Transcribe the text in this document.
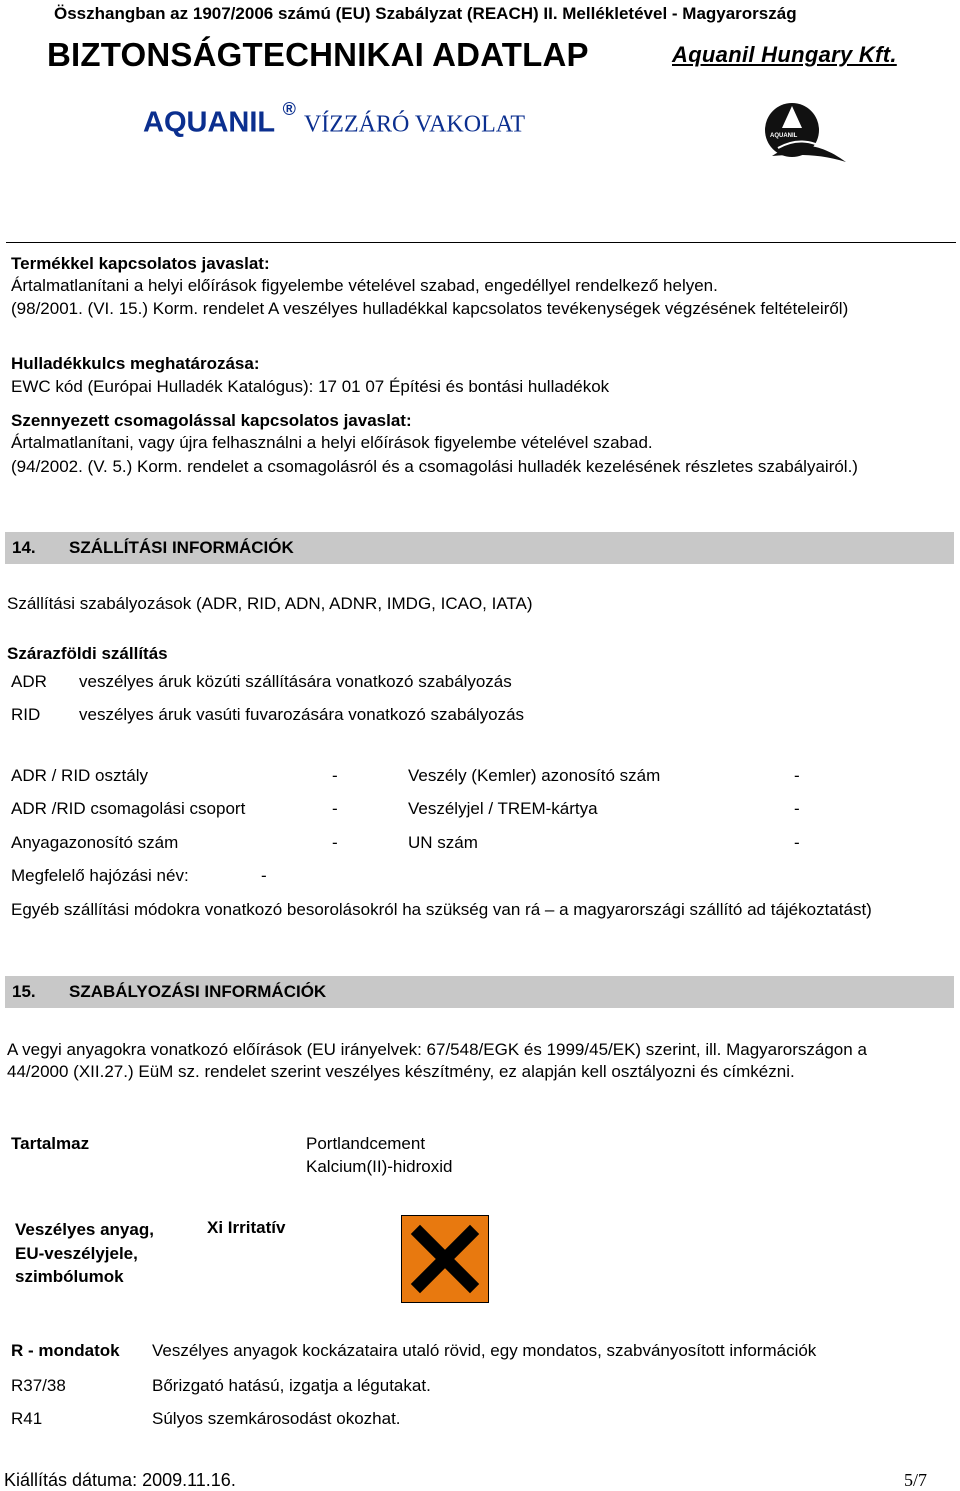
Összhangban az 1907/2006 számú (EU) Szabályzat (REACH) II. Mellékletével - Magyarország
BIZTONSÁGTECHNIKAI ADATLAP	Aquanil Hungary Kft.
AQUANIL ® VÍZZÁRÓ VAKOLAT	AQUANIL
Termékkel kapcsolatos javaslat:
Ártalmatlanítani a helyi előírások figyelembe vételével szabad, engedéllyel rendelkező helyen.
(98/2001. (VI. 15.) Korm. rendelet A veszélyes hulladékkal kapcsolatos tevékenységek végzésének feltételeiről)
Hulladékkulcs meghatározása:
EWC kód (Európai Hulladék Katalógus): 17 01 07 Építési és bontási hulladékok
Szennyezett csomagolással kapcsolatos javaslat:
Ártalmatlanítani, vagy újra felhasználni a helyi előírások figyelembe vételével szabad.
(94/2002. (V. 5.) Korm. rendelet a csomagolásról és a csomagolási hulladék kezelésének részletes szabályairól.)
14. SZÁLLÍTÁSI INFORMÁCIÓK
Szállítási szabályozások (ADR, RID, ADN, ADNR, IMDG, ICAO, IATA)
Szárazföldi szállítás
ADR veszélyes áruk közúti szállítására vonatkozó szabályozás
RID veszélyes áruk vasúti fuvarozására vonatkozó szabályozás
ADR / RID osztály	-	Veszély (Kemler) azonosító szám	-
ADR /RID csomagolási csoport	-	Veszélyjel / TREM-kártya	-
Anyagazonosító szám	-	UN szám	-
Megfelelő hajózási név:	-
Egyéb szállítási módokra vonatkozó besorolásokról ha szükség van rá – a magyarországi szállító ad tájékoztatást)
15. SZABÁLYOZÁSI INFORMÁCIÓK
A vegyi anyagokra vonatkozó előírások (EU irányelvek: 67/548/EGK és 1999/45/EK) szerint, ill. Magyarországon a 44/2000 (XII.27.) EüM sz. rendelet szerint veszélyes készítmény, ez alapján kell osztályozni és címkézni.
Tartalmaz	Portlandcement
Kalcium(II)-hidroxid
Veszélyes anyag,
EU-veszélyjele,
szimbólumok
Xi Irritatív
R - mondatok Veszélyes anyagok kockázataira utaló rövid, egy mondatos, szabványosított információk
R37/38	Bőrizgató hatású, izgatja a légutakat.
R41	Súlyos szemkárosodást okozhat.
Kiállítás dátuma: 2009.11.16.	5/7
